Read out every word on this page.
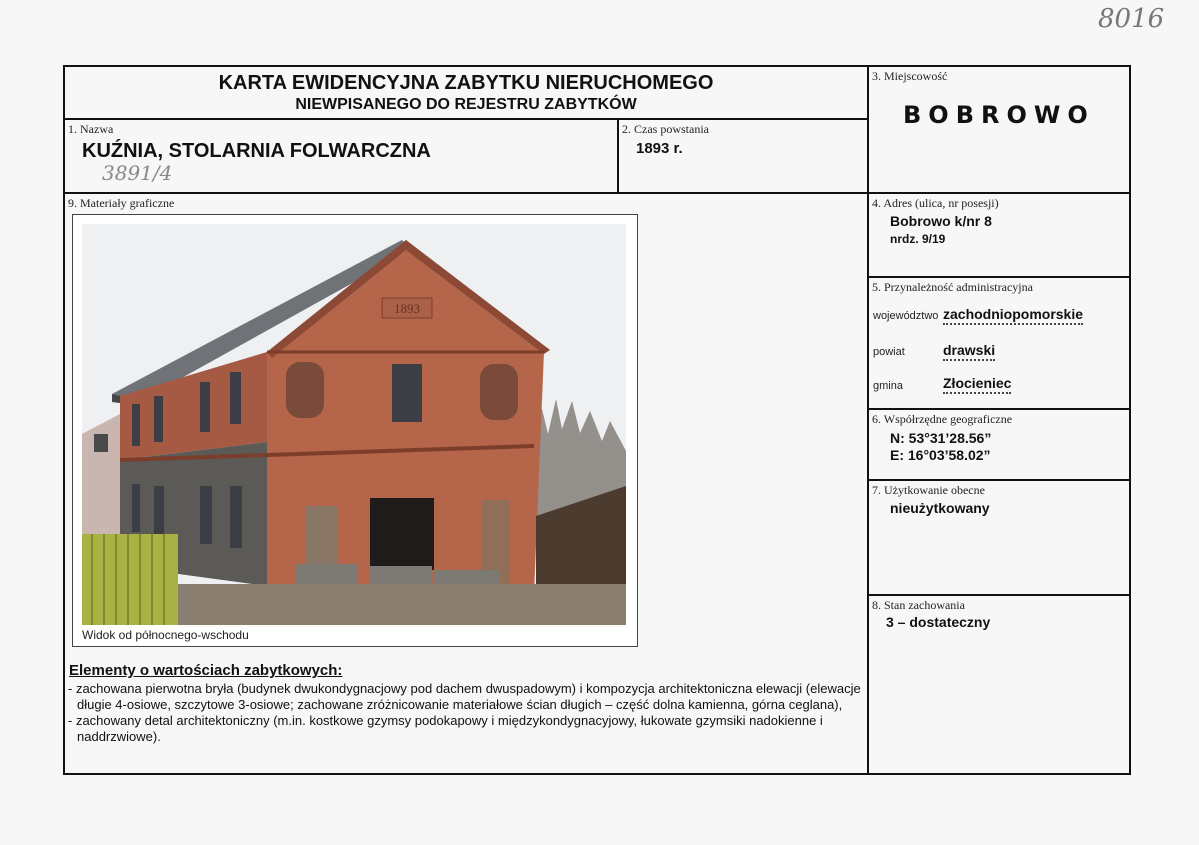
8016
KARTA EWIDENCYJNA ZABYTKU NIERUCHOMEGO
NIEWPISANEGO DO REJESTRU ZABYTKÓW
1. Nazwa
KUŹNIA, STOLARNIA FOLWARCZNA
3891/4
2. Czas powstania
1893 r.
3. Miejscowość
BOBROWO
4. Adres (ulica, nr posesji)
Bobrowo k/nr 8
nrdz. 9/19
5. Przynależność administracyjna
województwo zachodniopomorskie
powiat	drawski
gmina	Złocieniec
6. Współrzędne geograficzne
N: 53°31’28.56”
E: 16°03’58.02”
7. Użytkowanie obecne
nieużytkowany
8. Stan zachowania
3 – dostateczny
9. Materiały graficzne
1893
Widok od północnego-wschodu
Elementy o wartościach zabytkowych:
- zachowana pierwotna bryła (budynek dwukondygnacjowy pod dachem dwuspadowym) i kompozycja architektoniczna elewacji (elewacje długie 4-osiowe, szczytowe 3-osiowe; zachowane zróżnicowanie materiałowe ścian długich – część dolna kamienna, górna ceglana),
- zachowany detal architektoniczny (m.in. kostkowe gzymsy podokapowy i międzykondygnacyjowy, łukowate gzymsiki nadokienne i naddrzwiowe).
